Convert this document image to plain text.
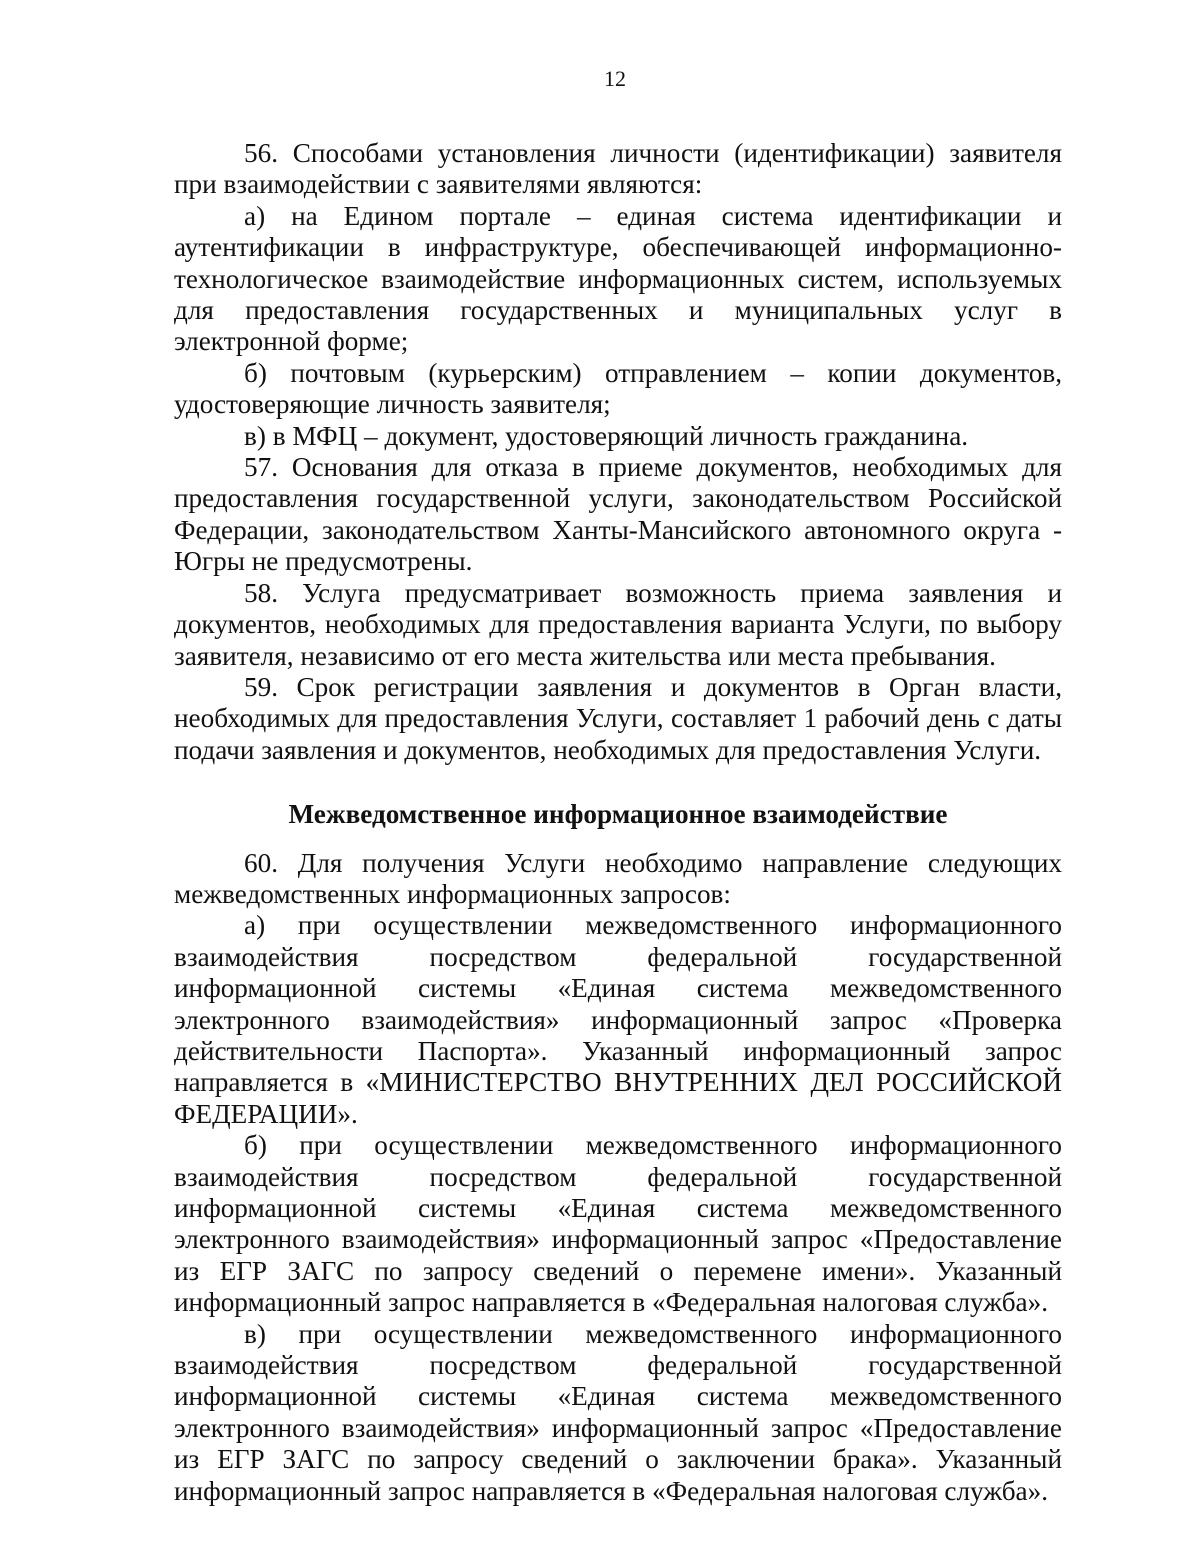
12

56. Способами установления личности (идентификации) заявителя при взаимодействии с заявителями являются:

а) на Едином портале – единая система идентификации и аутентификации в инфраструктуре, обеспечивающей информационно-технологическое взаимодействие информационных систем, используемых для предоставления государственных и муниципальных услуг в электронной форме;

б) почтовым (курьерским) отправлением – копии документов, удостоверяющие личность заявителя;

в) в МФЦ – документ, удостоверяющий личность гражданина.

57. Основания для отказа в приеме документов, необходимых для предоставления государственной услуги, законодательством Российской Федерации, законодательством Ханты-Мансийского автономного округа - Югры не предусмотрены.

58. Услуга предусматривает возможность приема заявления и документов, необходимых для предоставления варианта Услуги, по выбору заявителя, независимо от его места жительства или места пребывания.

59. Срок регистрации заявления и документов в Орган власти, необходимых для предоставления Услуги, составляет 1 рабочий день с даты подачи заявления и документов, необходимых для предоставления Услуги.

Межведомственное информационное взаимодействие

60. Для получения Услуги необходимо направление следующих межведомственных информационных запросов:

а) при осуществлении межведомственного информационного взаимодействия посредством федеральной государственной информационной системы «Единая система межведомственного электронного взаимодействия» информационный запрос «Проверка действительности Паспорта». Указанный информационный запрос направляется в «МИНИСТЕРСТВО ВНУТРЕННИХ ДЕЛ РОССИЙСКОЙ ФЕДЕРАЦИИ».

б) при осуществлении межведомственного информационного взаимодействия посредством федеральной государственной информационной системы «Единая система межведомственного электронного взаимодействия» информационный запрос «Предоставление из ЕГР ЗАГС по запросу сведений о перемене имени». Указанный информационный запрос направляется в «Федеральная налоговая служба».

в) при осуществлении межведомственного информационного взаимодействия посредством федеральной государственной информационной системы «Единая система межведомственного электронного взаимодействия» информационный запрос «Предоставление из ЕГР ЗАГС по запросу сведений о заключении брака». Указанный информационный запрос направляется в «Федеральная налоговая служба».
